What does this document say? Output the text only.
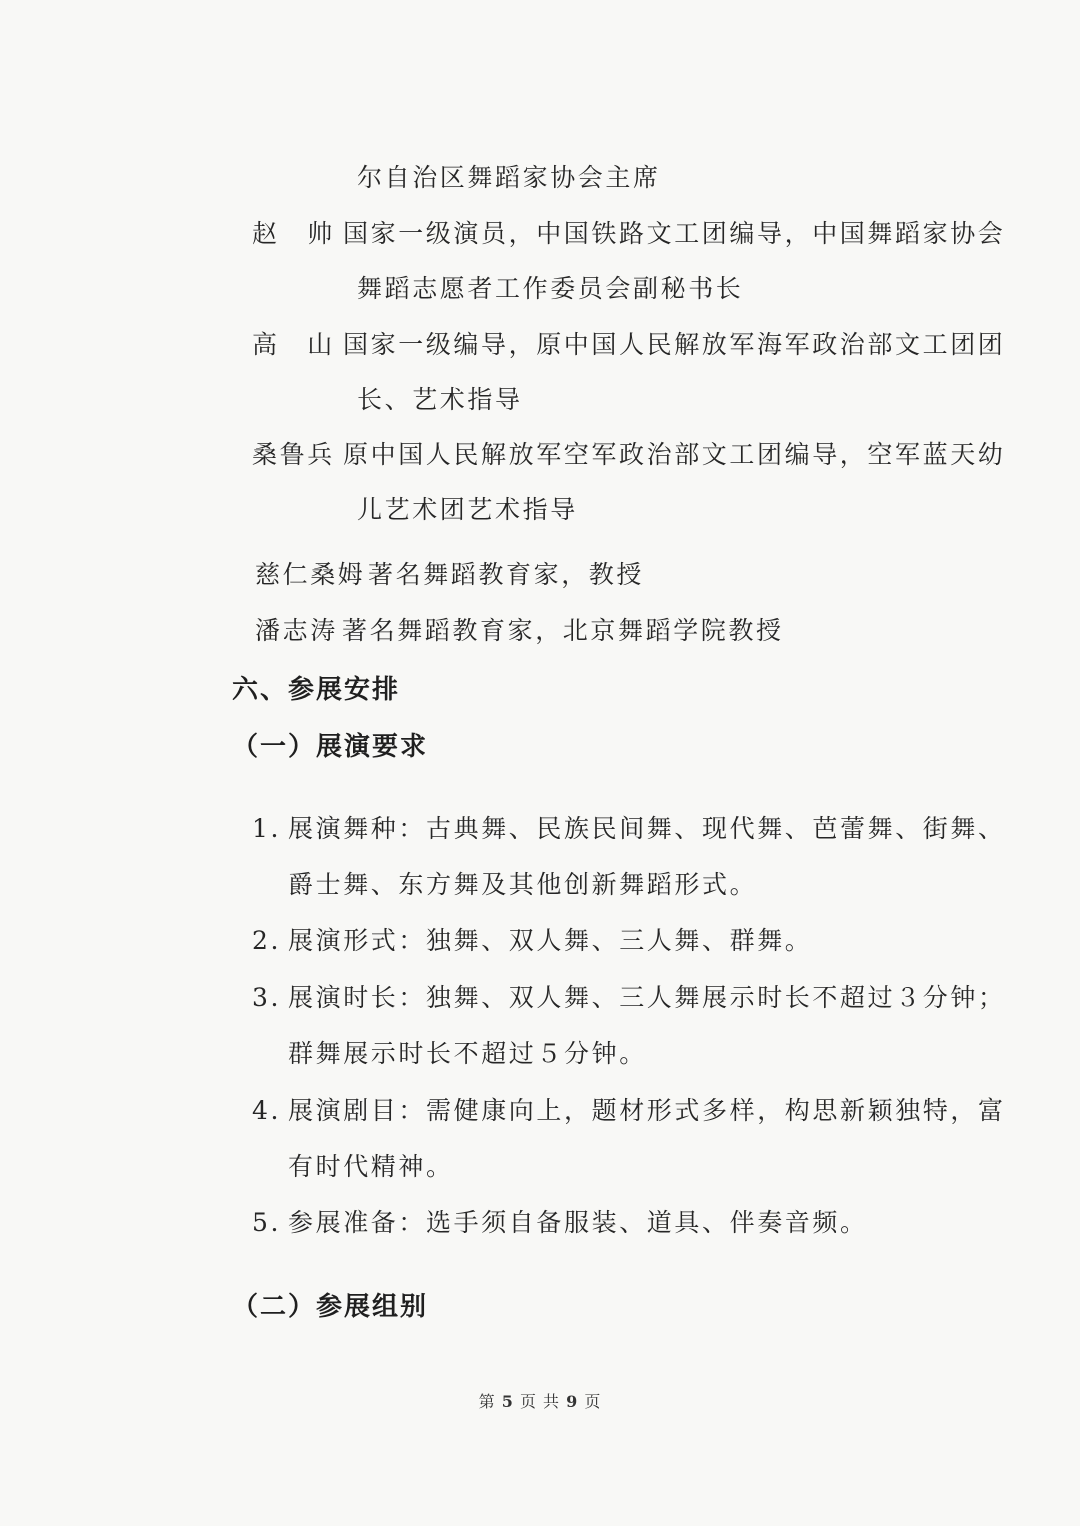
尔自治区舞蹈家协会主席
赵　帅 国家一级演员，中国铁路文工团编导，中国舞蹈家协会
舞蹈志愿者工作委员会副秘书长
高　山 国家一级编导，原中国人民解放军海军政治部文工团团
长、艺术指导
桑鲁兵 原中国人民解放军空军政治部文工团编导，空军蓝天幼
儿艺术团艺术指导
慈仁桑姆 著名舞蹈教育家，教授
潘志涛 著名舞蹈教育家，北京舞蹈学院教授
六、参展安排
（一）展演要求
1. 展演舞种：古典舞、民族民间舞、现代舞、芭蕾舞、街舞、
爵士舞、东方舞及其他创新舞蹈形式。
2. 展演形式：独舞、双人舞、三人舞、群舞。
3. 展演时长：独舞、双人舞、三人舞展示时长不超过３分钟；
群舞展示时长不超过５分钟。
4. 展演剧目：需健康向上，题材形式多样，构思新颖独特，富
有时代精神。
5. 参展准备：选手须自备服装、道具、伴奏音频。
（二）参展组别
第 5 页 共 9 页
